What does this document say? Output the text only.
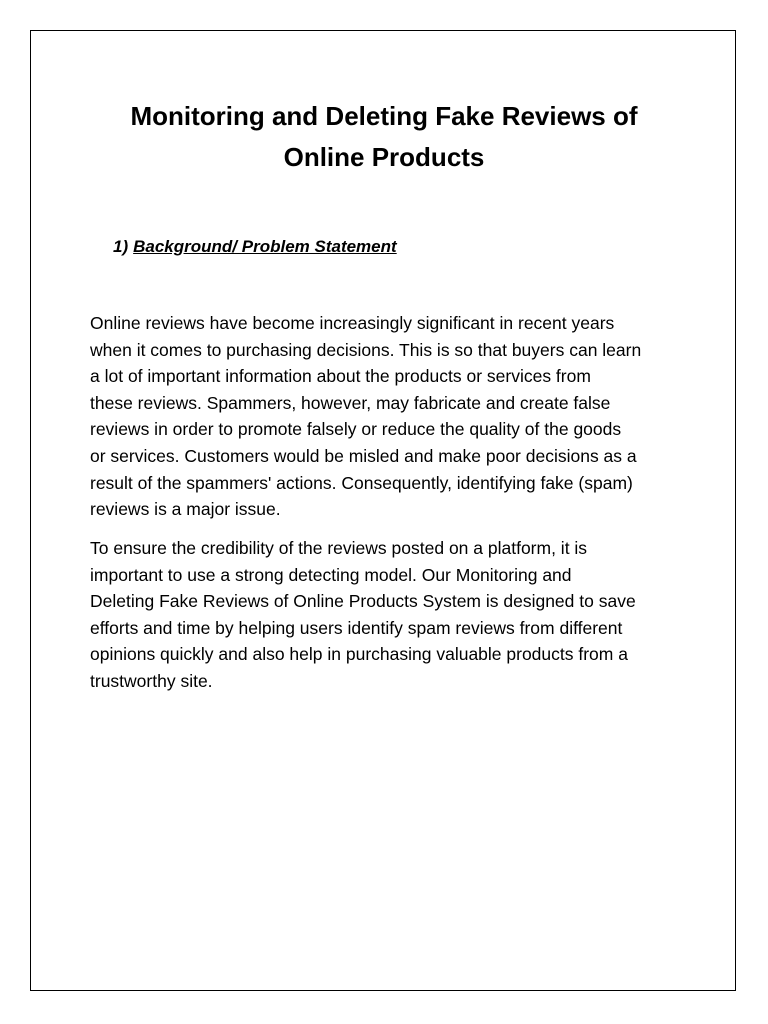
Monitoring and Deleting Fake Reviews of
Online Products
1) Background/ Problem Statement
Online reviews have become increasingly significant in recent years
when it comes to purchasing decisions. This is so that buyers can learn
a lot of important information about the products or services from
these reviews. Spammers, however, may fabricate and create false
reviews in order to promote falsely or reduce the quality of the goods
or services. Customers would be misled and make poor decisions as a
result of the spammers' actions. Consequently, identifying fake (spam)
reviews is a major issue.
To ensure the credibility of the reviews posted on a platform, it is
important to use a strong detecting model. Our Monitoring and
Deleting Fake Reviews of Online Products System is designed to save
efforts and time by helping users identify spam reviews from different
opinions quickly and also help in purchasing valuable products from a
trustworthy site.
